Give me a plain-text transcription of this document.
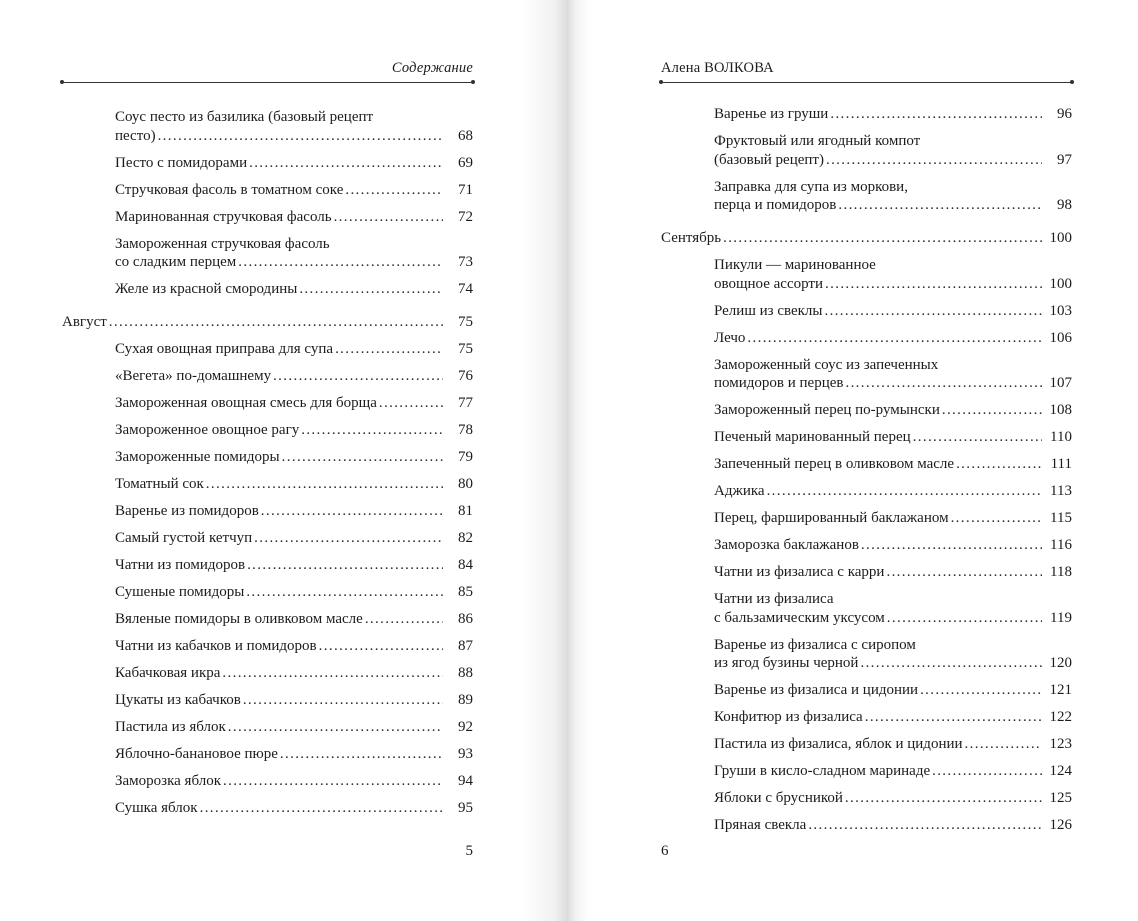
Содержание
Соус песто из базилика (базовый рецепт
песто) . . .	68
Песто с помидорами . . .	69
Стручковая фасоль в томатном соке . . .	71
Маринованная стручковая фасоль . . .	72
Замороженная стручковая фасоль
со сладким перцем . . .	73
Желе из красной смородины . . .	74
Август . . .	75
Сухая овощная приправа для супа . . .	75
«Вегета» по-домашнему . . .	76
Замороженная овощная смесь для борща . . .	77
Замороженное овощное рагу . . .	78
Замороженные помидоры . . .	79
Томатный сок . . .	80
Варенье из помидоров . . .	81
Самый густой кетчуп . . .	82
Чатни из помидоров . . .	84
Сушеные помидоры . . .	85
Вяленые помидоры в оливковом масле . . .	86
Чатни из кабачков и помидоров . . .	87
Кабачковая икра . . .	88
Цукаты из кабачков . . .	89
Пастила из яблок . . .	92
Яблочно-банановое пюре . . .	93
Заморозка яблок . . .	94
Сушка яблок . . .	95
5
Алена ВОЛКОВА
Варенье из груши . . .	96
Фруктовый или ягодный компот
(базовый рецепт) . . .	97
Заправка для супа из моркови,
перца и помидоров . . .	98
Сентябрь . . .	100
Пикули — маринованное
овощное ассорти . . .	100
Релиш из свеклы . . .	103
Лечо . . .	106
Замороженный соус из запеченных
помидоров и перцев . . .	107
Замороженный перец по-румынски . . .	108
Печеный маринованный перец . . .	110
Запеченный перец в оливковом масле . . .	111
Аджика . . .	113
Перец, фаршированный баклажаном . . .	115
Заморозка баклажанов . . .	116
Чатни из физалиса с карри . . .	118
Чатни из физалиса
с бальзамическим уксусом . . .	119
Варенье из физалиса с сиропом
из ягод бузины черной . . .	120
Варенье из физалиса и цидонии . . .	121
Конфитюр из физалиса . . .	122
Пастила из физалиса, яблок и цидонии . . .	123
Груши в кисло-сладном маринаде . . .	124
Яблоки с брусникой . . .	125
Пряная свекла . . .	126
6
